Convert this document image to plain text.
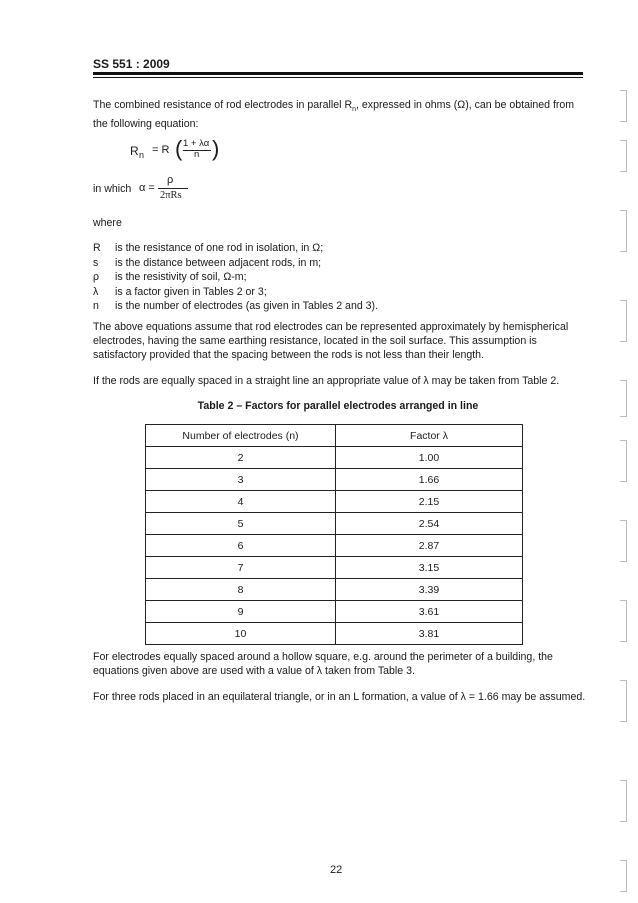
SS 551 : 2009
The combined resistance of rod electrodes in parallel $R_n$, expressed in ohms (Ω), can be obtained from
the following equation:
R n = R ( 1 + λα
n )
in which α =
ρ
2πRs
where
R	is the resistance of one rod in isolation, in Ω;
s	is the distance between adjacent rods, in m;
ρ	is the resistivity of soil, Ω-m;
λ	is a factor given in Tables 2 or 3;
n	is the number of electrodes (as given in Tables 2 and 3).
The above equations assume that rod electrodes can be represented approximately by hemispherical
electrodes, having the same earthing resistance, located in the soil surface. This assumption is
satisfactory provided that the spacing between the rods is not less than their length.
If the rods are equally spaced in a straight line an appropriate value of λ may be taken from Table 2.
Table 2 – Factors for parallel electrodes arranged in line
Number of electrodes (n)	Factor λ
2	1.00
3	1.66
4	2.15
5	2.54
6	2.87
7	3.15
8	3.39
9	3.61
10	3.81
For electrodes equally spaced around a hollow square, e.g. around the perimeter of a building, the
equations given above are used with a value of λ taken from Table 3.
For three rods placed in an equilateral triangle, or in an L formation, a value of λ = 1.66 may be assumed.
22
